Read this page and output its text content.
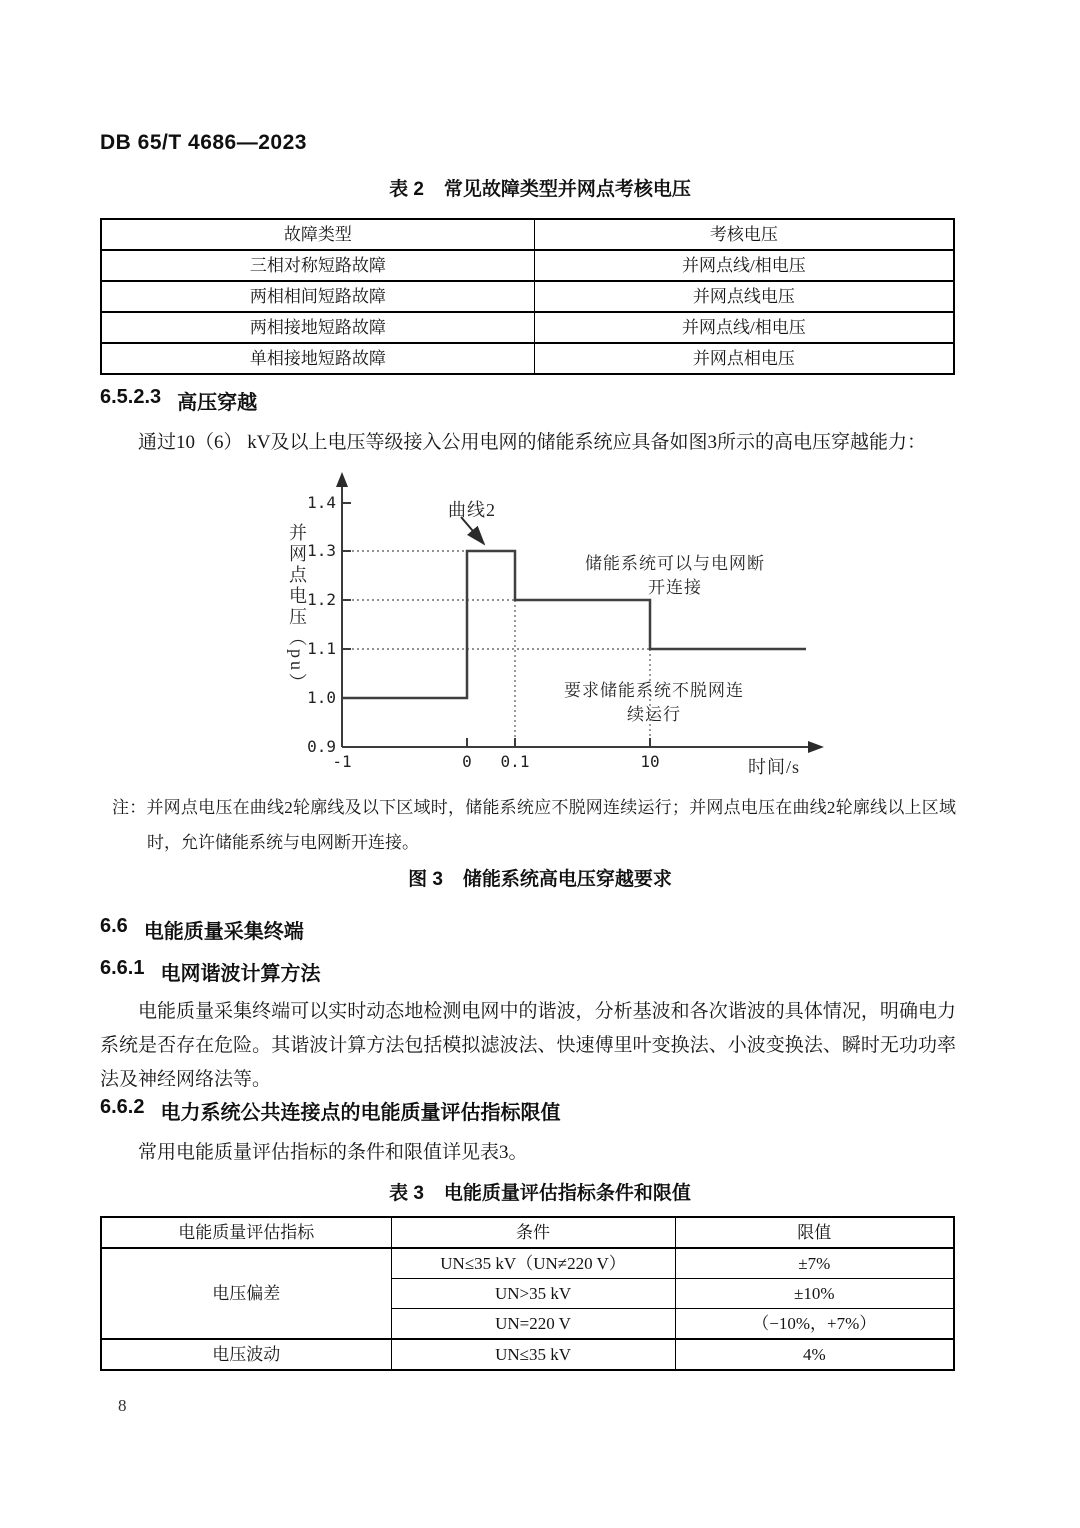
DB 65/T 4686—2023
表 2 常见故障类型并网点考核电压
故障类型	考核电压
三相对称短路故障	并网点线/相电压
两相相间短路故障	并网点线电压
两相接地短路故障	并网点线/相电压
单相接地短路故障	并网点相电压
6.5.2.3 高压穿越
通过10（6） kV及以上电压等级接入公用电网的储能系统应具备如图3所示的高电压穿越能力：
并网点电压（pu）
时间/s
曲线2
1.4
1.3
1.2
1.1
1.0
0.9
-1	0	0.1	10
储能系统可以与电网断
开连接
要求储能系统不脱网连
续运行
注：并网点电压在曲线2轮廓线及以下区域时，储能系统应不脱网连续运行；并网点电压在曲线2轮廓线以上区域时，允许储能系统与电网断开连接。
图 3 储能系统高电压穿越要求
6.6 电能质量采集终端
6.6.1 电网谐波计算方法
电能质量采集终端可以实时动态地检测电网中的谐波，分析基波和各次谐波的具体情况，明确电力系统是否存在危险。其谐波计算方法包括模拟滤波法、快速傅里叶变换法、小波变换法、瞬时无功功率法及神经网络法等。
6.6.2 电力系统公共连接点的电能质量评估指标限值
常用电能质量评估指标的条件和限值详见表3。
表 3 电能质量评估指标条件和限值
电能质量评估指标	条件	限值
电压偏差	UN≤35 kV（UN≠220 V）	±7%
	UN>35 kV	±10%
	UN=220 V	（−10%，+7%）
电压波动	UN≤35 kV	4%
8
